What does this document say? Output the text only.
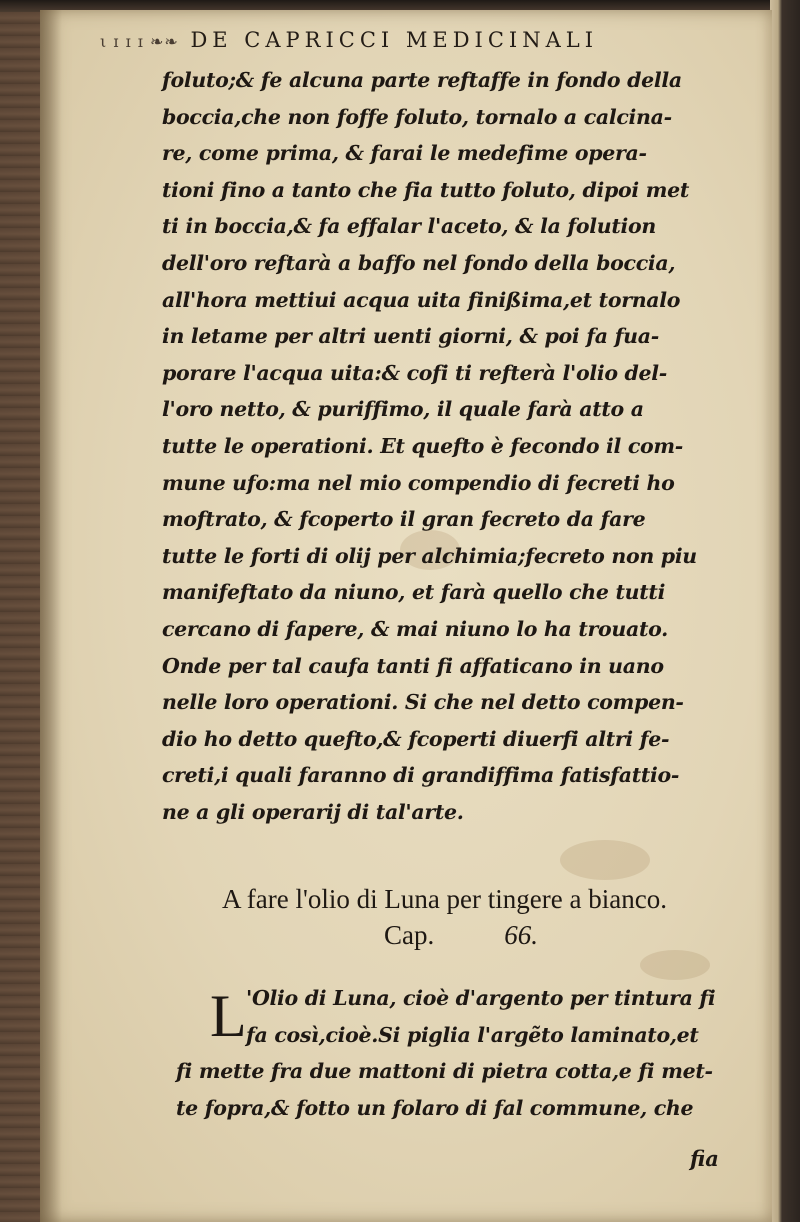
ι ɪ ɪ ɪ ❧❧ DE CAPRICCI MEDICINALI
foluto;& fe alcuna parte reftaffe in fondo della
boccia,che non foffe foluto, tornalo a calcina-
re, come prima, & farai le medefime opera-
tioni fino a tanto che fia tutto foluto, dipoi met
ti in boccia,& fa effalar l'aceto, & la folution
dell'oro reftarà a baffo nel fondo della boccia,
all'hora mettiui acqua uita finißima,et tornalo
in letame per altri uenti giorni, & poi fa fua-
porare l'acqua uita:& cofi ti refterà l'olio del-
l'oro netto, & puriffimo, il quale farà atto a
tutte le operationi. Et quefto è fecondo il com-
mune ufo:ma nel mio compendio di fecreti ho
moftrato, & fcoperto il gran fecreto da fare
tutte le forti di olij per alchimia;fecreto non piu
manifeftato da niuno, et farà quello che tutti
cercano di fapere, & mai niuno lo ha trouato.
Onde per tal caufa tanti fi affaticano in uano
nelle loro operationi. Si che nel detto compen-
dio ho detto quefto,& fcoperti diuerfi altri fe-
creti,i quali faranno di grandiffima fatisfattio-
ne a gli operarij di tal'arte.
A fare l'olio di Luna per tingere a bianco.
Cap.	66.
L 'Olio di Luna, cioè d'argento per tintura fi
fa così,cioè.Si piglia l'argẽto laminato,et
fi mette fra due mattoni di pietra cotta,e fi met-
te fopra,& fotto un folaro di fal commune, che
fia
